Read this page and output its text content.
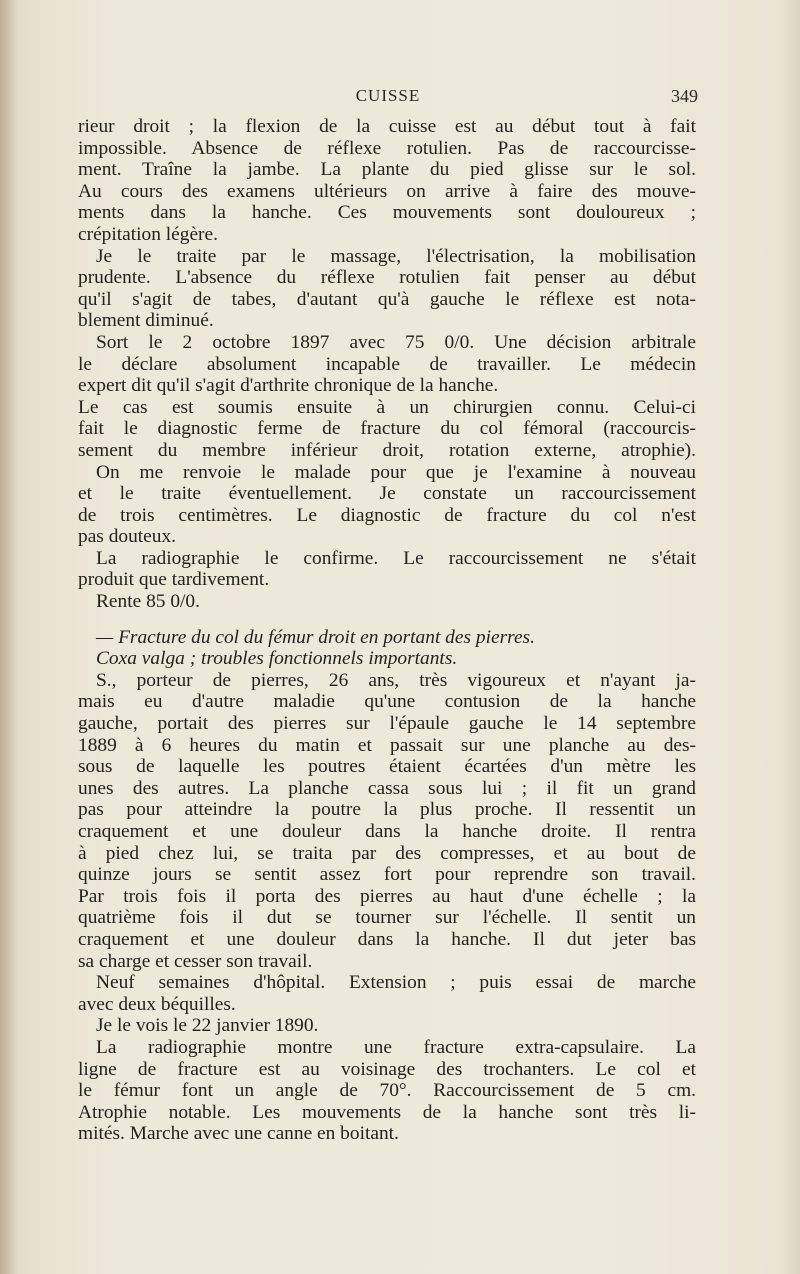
CUISSE	349
rieur droit ; la flexion de la cuisse est au début tout à fait
impossible. Absence de réflexe rotulien. Pas de raccourcisse-
ment. Traîne la jambe. La plante du pied glisse sur le sol.
Au cours des examens ultérieurs on arrive à faire des mouve-
ments dans la hanche. Ces mouvements sont douloureux ;
crépitation légère.
Je le traite par le massage, l'électrisation, la mobilisation
prudente. L'absence du réflexe rotulien fait penser au début
qu'il s'agit de tabes, d'autant qu'à gauche le réflexe est nota-
blement diminué.
Sort le 2 octobre 1897 avec 75 0/0. Une décision arbitrale
le déclare absolument incapable de travailler. Le médecin
expert dit qu'il s'agit d'arthrite chronique de la hanche.
Le cas est soumis ensuite à un chirurgien connu. Celui-ci
fait le diagnostic ferme de fracture du col fémoral (raccourcis-
sement du membre inférieur droit, rotation externe, atrophie).
On me renvoie le malade pour que je l'examine à nouveau
et le traite éventuellement. Je constate un raccourcissement
de trois centimètres. Le diagnostic de fracture du col n'est
pas douteux.
La radiographie le confirme. Le raccourcissement ne s'était
produit que tardivement.
Rente 85 0/0.
— Fracture du col du fémur droit en portant des pierres.
Coxa valga ; troubles fonctionnels importants.
S., porteur de pierres, 26 ans, très vigoureux et n'ayant ja-
mais eu d'autre maladie qu'une contusion de la hanche
gauche, portait des pierres sur l'épaule gauche le 14 septembre
1889 à 6 heures du matin et passait sur une planche au des-
sous de laquelle les poutres étaient écartées d'un mètre les
unes des autres. La planche cassa sous lui ; il fit un grand
pas pour atteindre la poutre la plus proche. Il ressentit un
craquement et une douleur dans la hanche droite. Il rentra
à pied chez lui, se traita par des compresses, et au bout de
quinze jours se sentit assez fort pour reprendre son travail.
Par trois fois il porta des pierres au haut d'une échelle ; la
quatrième fois il dut se tourner sur l'échelle. Il sentit un
craquement et une douleur dans la hanche. Il dut jeter bas
sa charge et cesser son travail.
Neuf semaines d'hôpital. Extension ; puis essai de marche
avec deux béquilles.
Je le vois le 22 janvier 1890.
La radiographie montre une fracture extra-capsulaire. La
ligne de fracture est au voisinage des trochanters. Le col et
le fémur font un angle de 70°. Raccourcissement de 5 cm.
Atrophie notable. Les mouvements de la hanche sont très li-
mités. Marche avec une canne en boitant.
